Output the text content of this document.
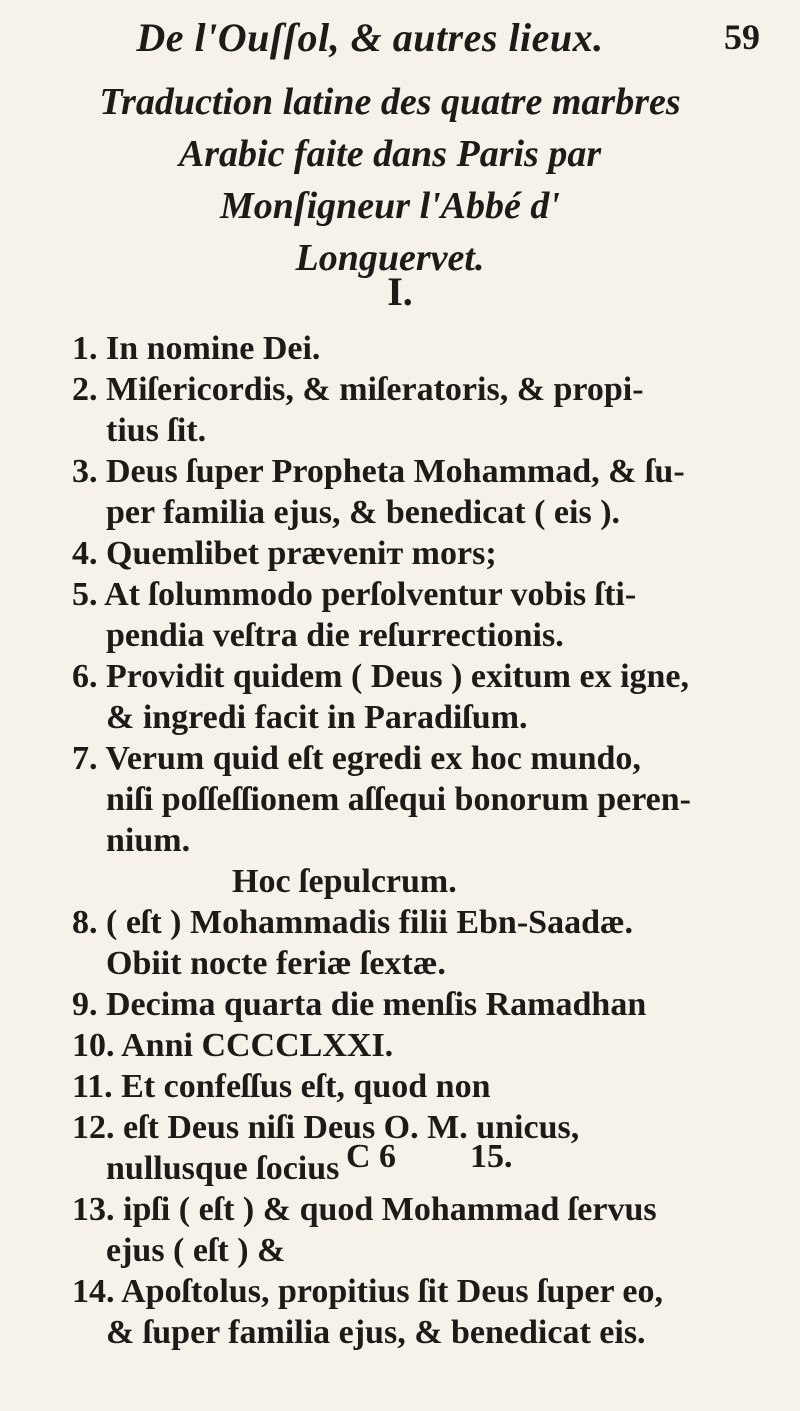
De l'Ouſſol, & autres lieux.	59
Traduction latine des quatre marbres
Arabic faite dans Paris par
Monſigneur l'Abbé d'
Longuervet.
I.
1. In nomine Dei.
2. Miſericordis, & miſeratoris, & propi-
tius ſit.
3. Deus ſuper Propheta Mohammad, & ſu-
per familia ejus, & benedicat ( eis ).
4. Quemlibet præveniт mors;
5. At ſolummodo perſolventur vobis ſti-
pendia veſtra die reſurrectionis.
6. Providit quidem ( Deus ) exitum ex igne,
& ingredi facit in Paradiſum.
7. Verum quid eſt egredi ex hoc mundo,
niſi poſſeſſionem aſſequi bonorum peren-
nium.
Hoc ſepulcrum.
8. ( eſt ) Mohammadis filii Ebn-Saadæ.
Obiit nocte feriæ ſextæ.
9. Decima quarta die menſis Ramadhan
10. Anni CCCCLXXI.
11. Et confeſſus eſt, quod non
12. eſt Deus niſi Deus O. M. unicus,
nullusque ſocius
13. ipſi ( eſt ) & quod Mohammad ſervus
ejus ( eſt ) &
14. Apoſtolus, propitius ſit Deus ſuper eo,
& ſuper familia ejus, & benedicat eis.
C 6 15.
